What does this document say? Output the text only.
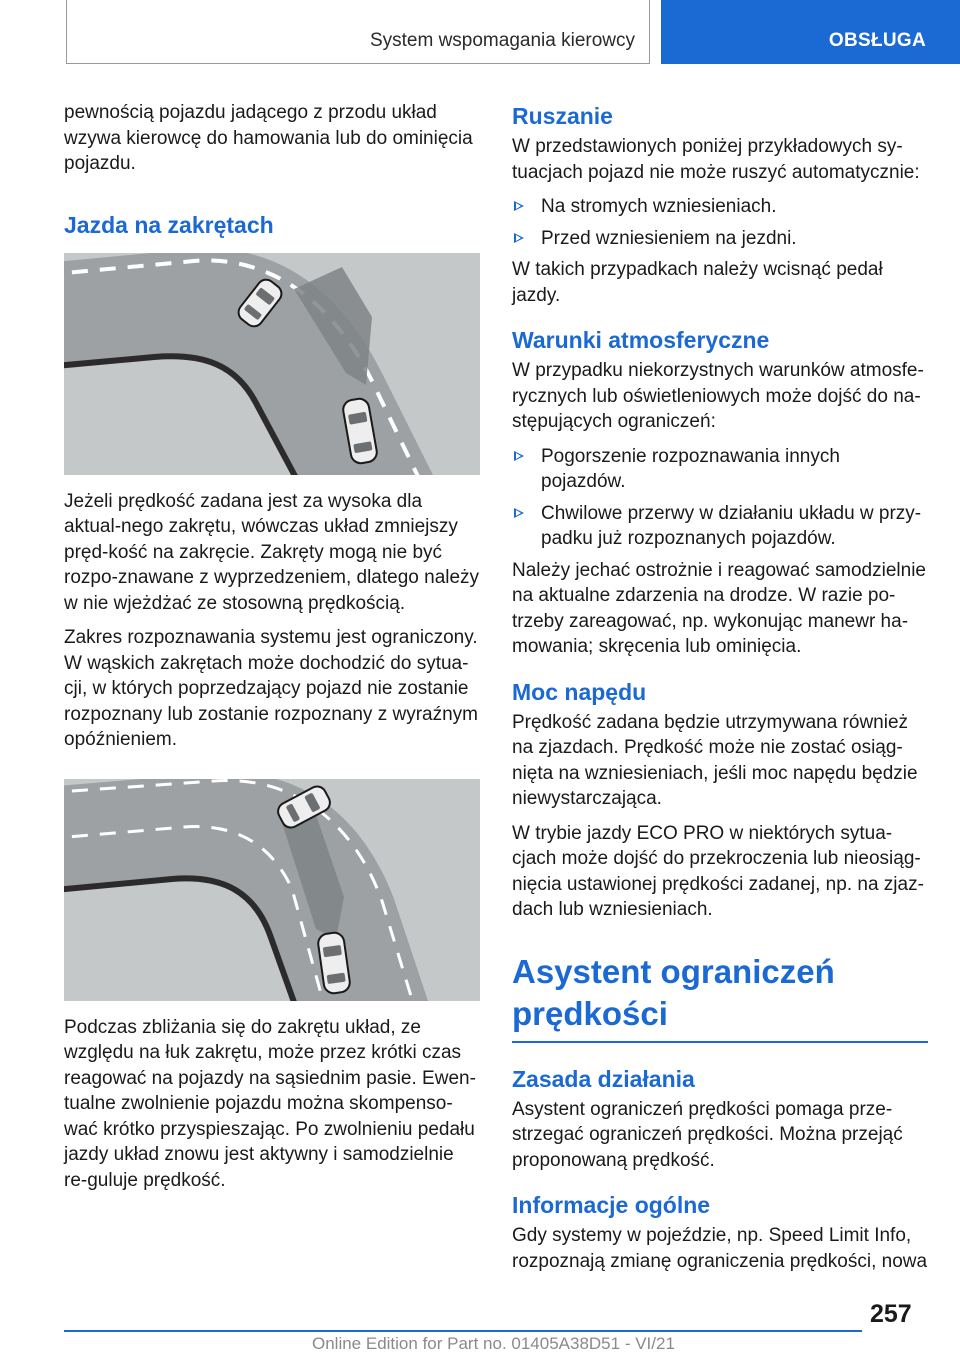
System wspomagania kierowcy	OBSŁUGA

pewnością pojazdu jadącego z przodu układ wzywa kierowcę do hamowania lub do ominięcia pojazdu.

Jazda na zakrętach

Jeżeli prędkość zadana jest za wysoka dla aktual-nego zakrętu, wówczas układ zmniejszy pręd-kość na zakręcie. Zakręty mogą nie być rozpo-znawane z wyprzedzeniem, dlatego należy w nie wjeżdżać ze stosowną prędkością.

Zakres rozpoznawania systemu jest ograniczony. W wąskich zakrętach może dochodzić do sytua-cji, w których poprzedzający pojazd nie zostanie rozpoznany lub zostanie rozpoznany z wyraźnym opóźnieniem.

Podczas zbliżania się do zakrętu układ, ze względu na łuk zakrętu, może przez krótki czas reagować na pojazdy na sąsiednim pasie. Ewen-tualne zwolnienie pojazdu można skompenso-wać krótko przyspieszając. Po zwolnieniu pedału jazdy układ znowu jest aktywny i samodzielnie re-guluje prędkość.

Ruszanie

W przedstawionych poniżej przykładowych sy-tuacjach pojazd nie może ruszyć automatycznie:

Na stromych wzniesieniach.
Przed wzniesieniem na jezdni.

W takich przypadkach należy wcisnąć pedał jazdy.

Warunki atmosferyczne

W przypadku niekorzystnych warunków atmosfe-rycznych lub oświetleniowych może dojść do na-stępujących ograniczeń:

Pogorszenie rozpoznawania innych pojazdów.
Chwilowe przerwy w działaniu układu w przy-padku już rozpoznanych pojazdów.

Należy jechać ostrożnie i reagować samodzielnie na aktualne zdarzenia na drodze. W razie po-trzeby zareagować, np. wykonując manewr ha-mowania; skręcenia lub ominięcia.

Moc napędu

Prędkość zadana będzie utrzymywana również na zjazdach. Prędkość może nie zostać osiąg-nięta na wzniesieniach, jeśli moc napędu będzie niewystarczająca.

W trybie jazdy ECO PRO w niektórych sytua-cjach może dojść do przekroczenia lub nieosiąg-nięcia ustawionej prędkości zadanej, np. na zjaz-dach lub wzniesieniach.

Asystent ograniczeń prędkości
Zasada działania

Asystent ograniczeń prędkości pomaga prze-strzegać ograniczeń prędkości. Można przejąć proponowaną prędkość.

Informacje ogólne

Gdy systemy w pojeździe, np. Speed Limit Info, rozpoznają zmianę ograniczenia prędkości, nowa

257
Online Edition for Part no. 01405A38D51 - VI/21
